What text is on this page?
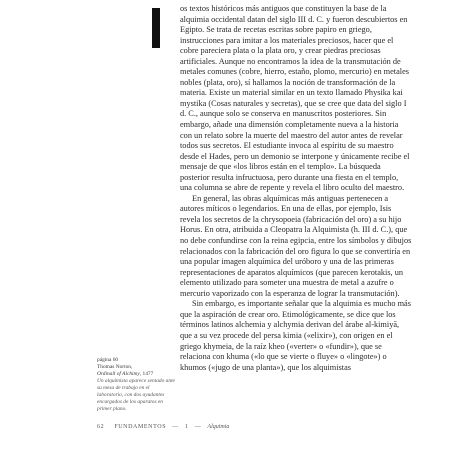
os textos históricos más antiguos que constituyen la base de la alquimia occidental datan del siglo III d. C. y fueron descubiertos en Egipto. Se trata de recetas escritas sobre papiro en griego, instrucciones para imitar a los materiales preciosos, hacer que el cobre pareciera plata o la plata oro, y crear piedras preciosas artificiales. Aunque no encontramos la idea de la transmutación de metales comunes (cobre, hierro, estaño, plomo, mercurio) en metales nobles (plata, oro), sí hallamos la noción de transformación de la materia. Existe un material similar en un texto llamado Physika kai mystika (Cosas naturales y secretas), que se cree que data del siglo I d. C., aunque solo se conserva en manuscritos posteriores. Sin embargo, añade una dimensión completamente nueva a la historia con un relato sobre la muerte del maestro del autor antes de revelar todos sus secretos. El estudiante invoca al espíritu de su maestro desde el Hades, pero un demonio se interpone y únicamente recibe el mensaje de que «los libros están en el templo». La búsqueda posterior resulta infructuosa, pero durante una fiesta en el templo, una columna se abre de repente y revela el libro oculto del maestro.

En general, las obras alquímicas más antiguas pertenecen a autores míticos o legendarios. En una de ellas, por ejemplo, Isis revela los secretos de la chrysopoeia (fabricación del oro) a su hijo Horus. En otra, atribuida a Cleopatra la Alquimista (h. III d. C.), que no debe confundirse con la reina egipcia, entre los símbolos y dibujos relacionados con la fabricación del oro figura lo que se convertiría en una popular imagen alquímica del uróboro y una de las primeras representaciones de aparatos alquímicos (que parecen kerotakis, un elemento utilizado para someter una muestra de metal a azufre o mercurio vaporizado con la esperanza de lograr la transmutación).

Sin embargo, es importante señalar que la alquimia es mucho más que la aspiración de crear oro. Etimológicamente, se dice que los términos latinos alchemia y alchymia derivan del árabe al-kimiyā, que a su vez procede del persa kimia («elixir»), con origen en el griego khymeia, de la raíz kheo («verter» o «fundir»), que se relaciona con khuma («lo que se vierte o fluye» o «lingote») o khumos («jugo de una planta»), que los alquimistas

página 60
Thomas Norton,
Ordinall of Alchimy, 1477
Un alquimista aparece sentado ante su mesa de trabajo en el laboratorio, con dos ayudantes encargados de los aparatos en primer plano.
62 FUNDAMENTOS — 1 — Alquimia
